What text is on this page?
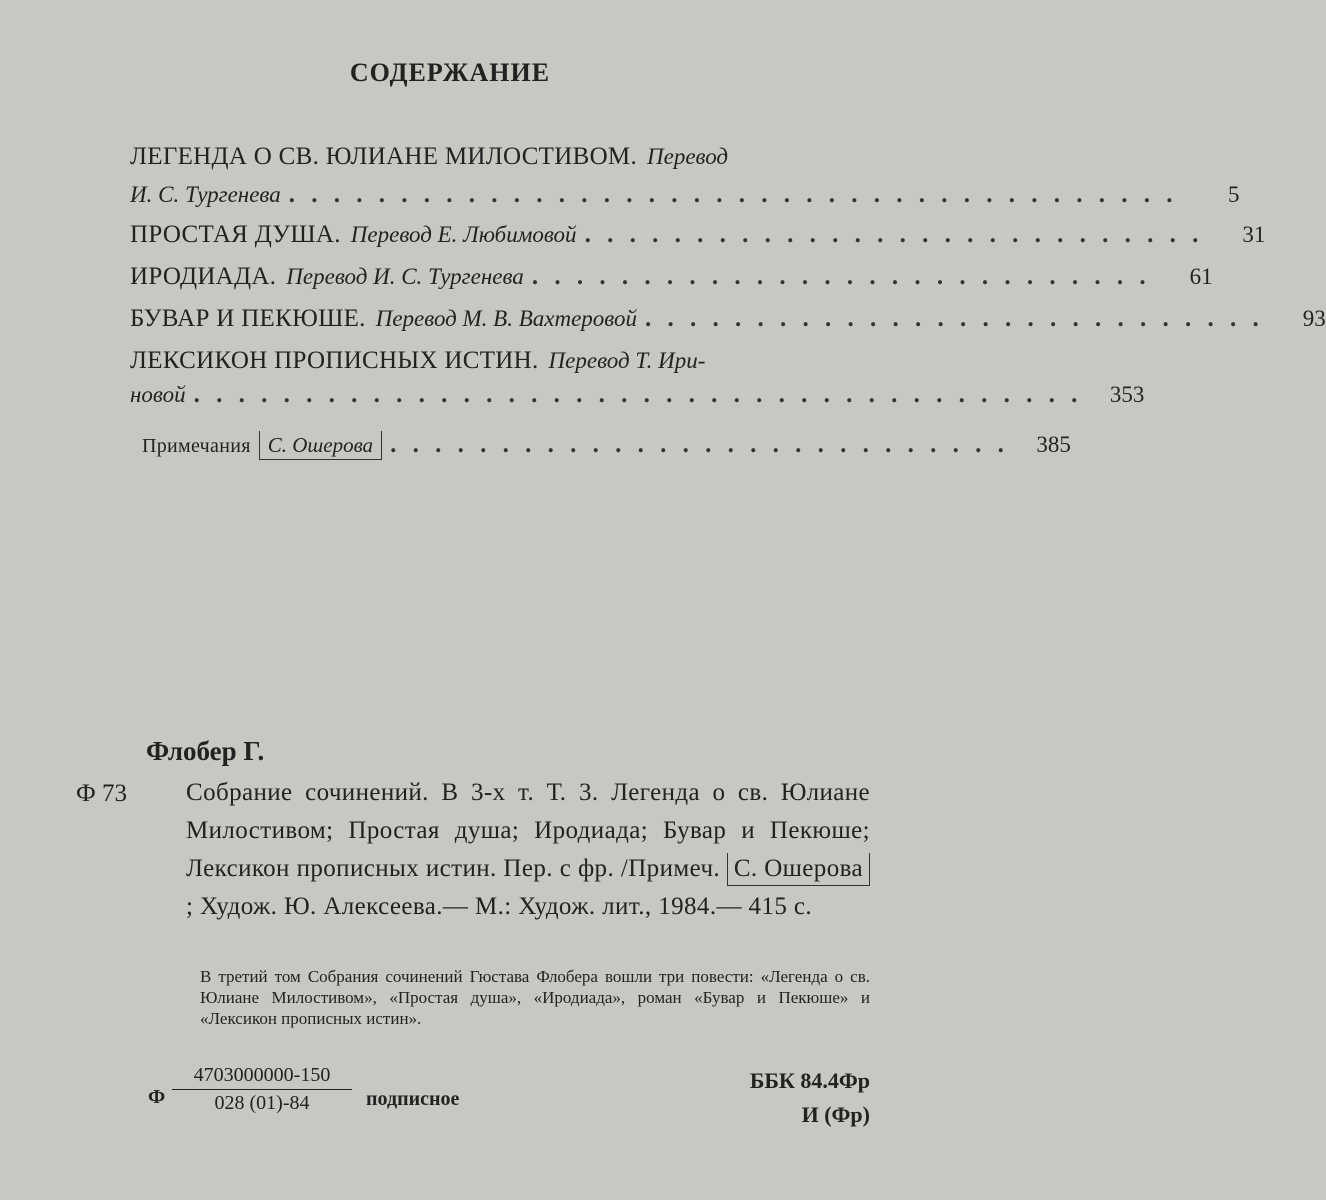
СОДЕРЖАНИЕ
ЛЕГЕНДА О СВ. ЮЛИАНЕ МИЛОСТИВОМ. Перевод
И. С. Тургенева . . . . . . . . . . . . . . . . . . . . . . . . . . . . . . . . . . . . . . . .	5
ПРОСТАЯ ДУША. Перевод Е. Любимовой . . . . . . . . . . . . . . . . . . . . . . . . . . . .	31
ИРОДИАДА. Перевод И. С. Тургенева . . . . . . . . . . . . . . . . . . . . . . . . . . . .	61
БУВАР И ПЕКЮШЕ. Перевод М. В. Вахтеровой . . . . . . . . . . . . . . . . . . . . . . . . . . . .	93
ЛЕКСИКОН ПРОПИСНЫХ ИСТИН. Перевод Т. Ири-
новой . . . . . . . . . . . . . . . . . . . . . . . . . . . . . . . . . . . . . . . .	353
Примечания С. Ошерова . . . . . . . . . . . . . . . . . . . . . . . . . . . .	385
Флобер Г.
Ф 73 Собрание сочинений. В 3-х т. Т. 3. Легенда о св. Юлиане Милостивом; Простая душа; Иродиада; Бувар и Пекюше; Лексикон прописных истин. Пер. с фр. /Примеч. С. Ошерова; Худож. Ю. Алексеева.— М.: Худож. лит., 1984.— 415 с.
В третий том Собрания сочинений Гюстава Флобера вошли три повести: «Легенда о св. Юлиане Милостивом», «Простая душа», «Иродиада», роман «Бувар и Пекюше» и «Лексикон прописных истин».
Ф $\frac{4703000000-150}{028 (01)-84}$ подписное
ББК 84.4Фр
И (Фр)
